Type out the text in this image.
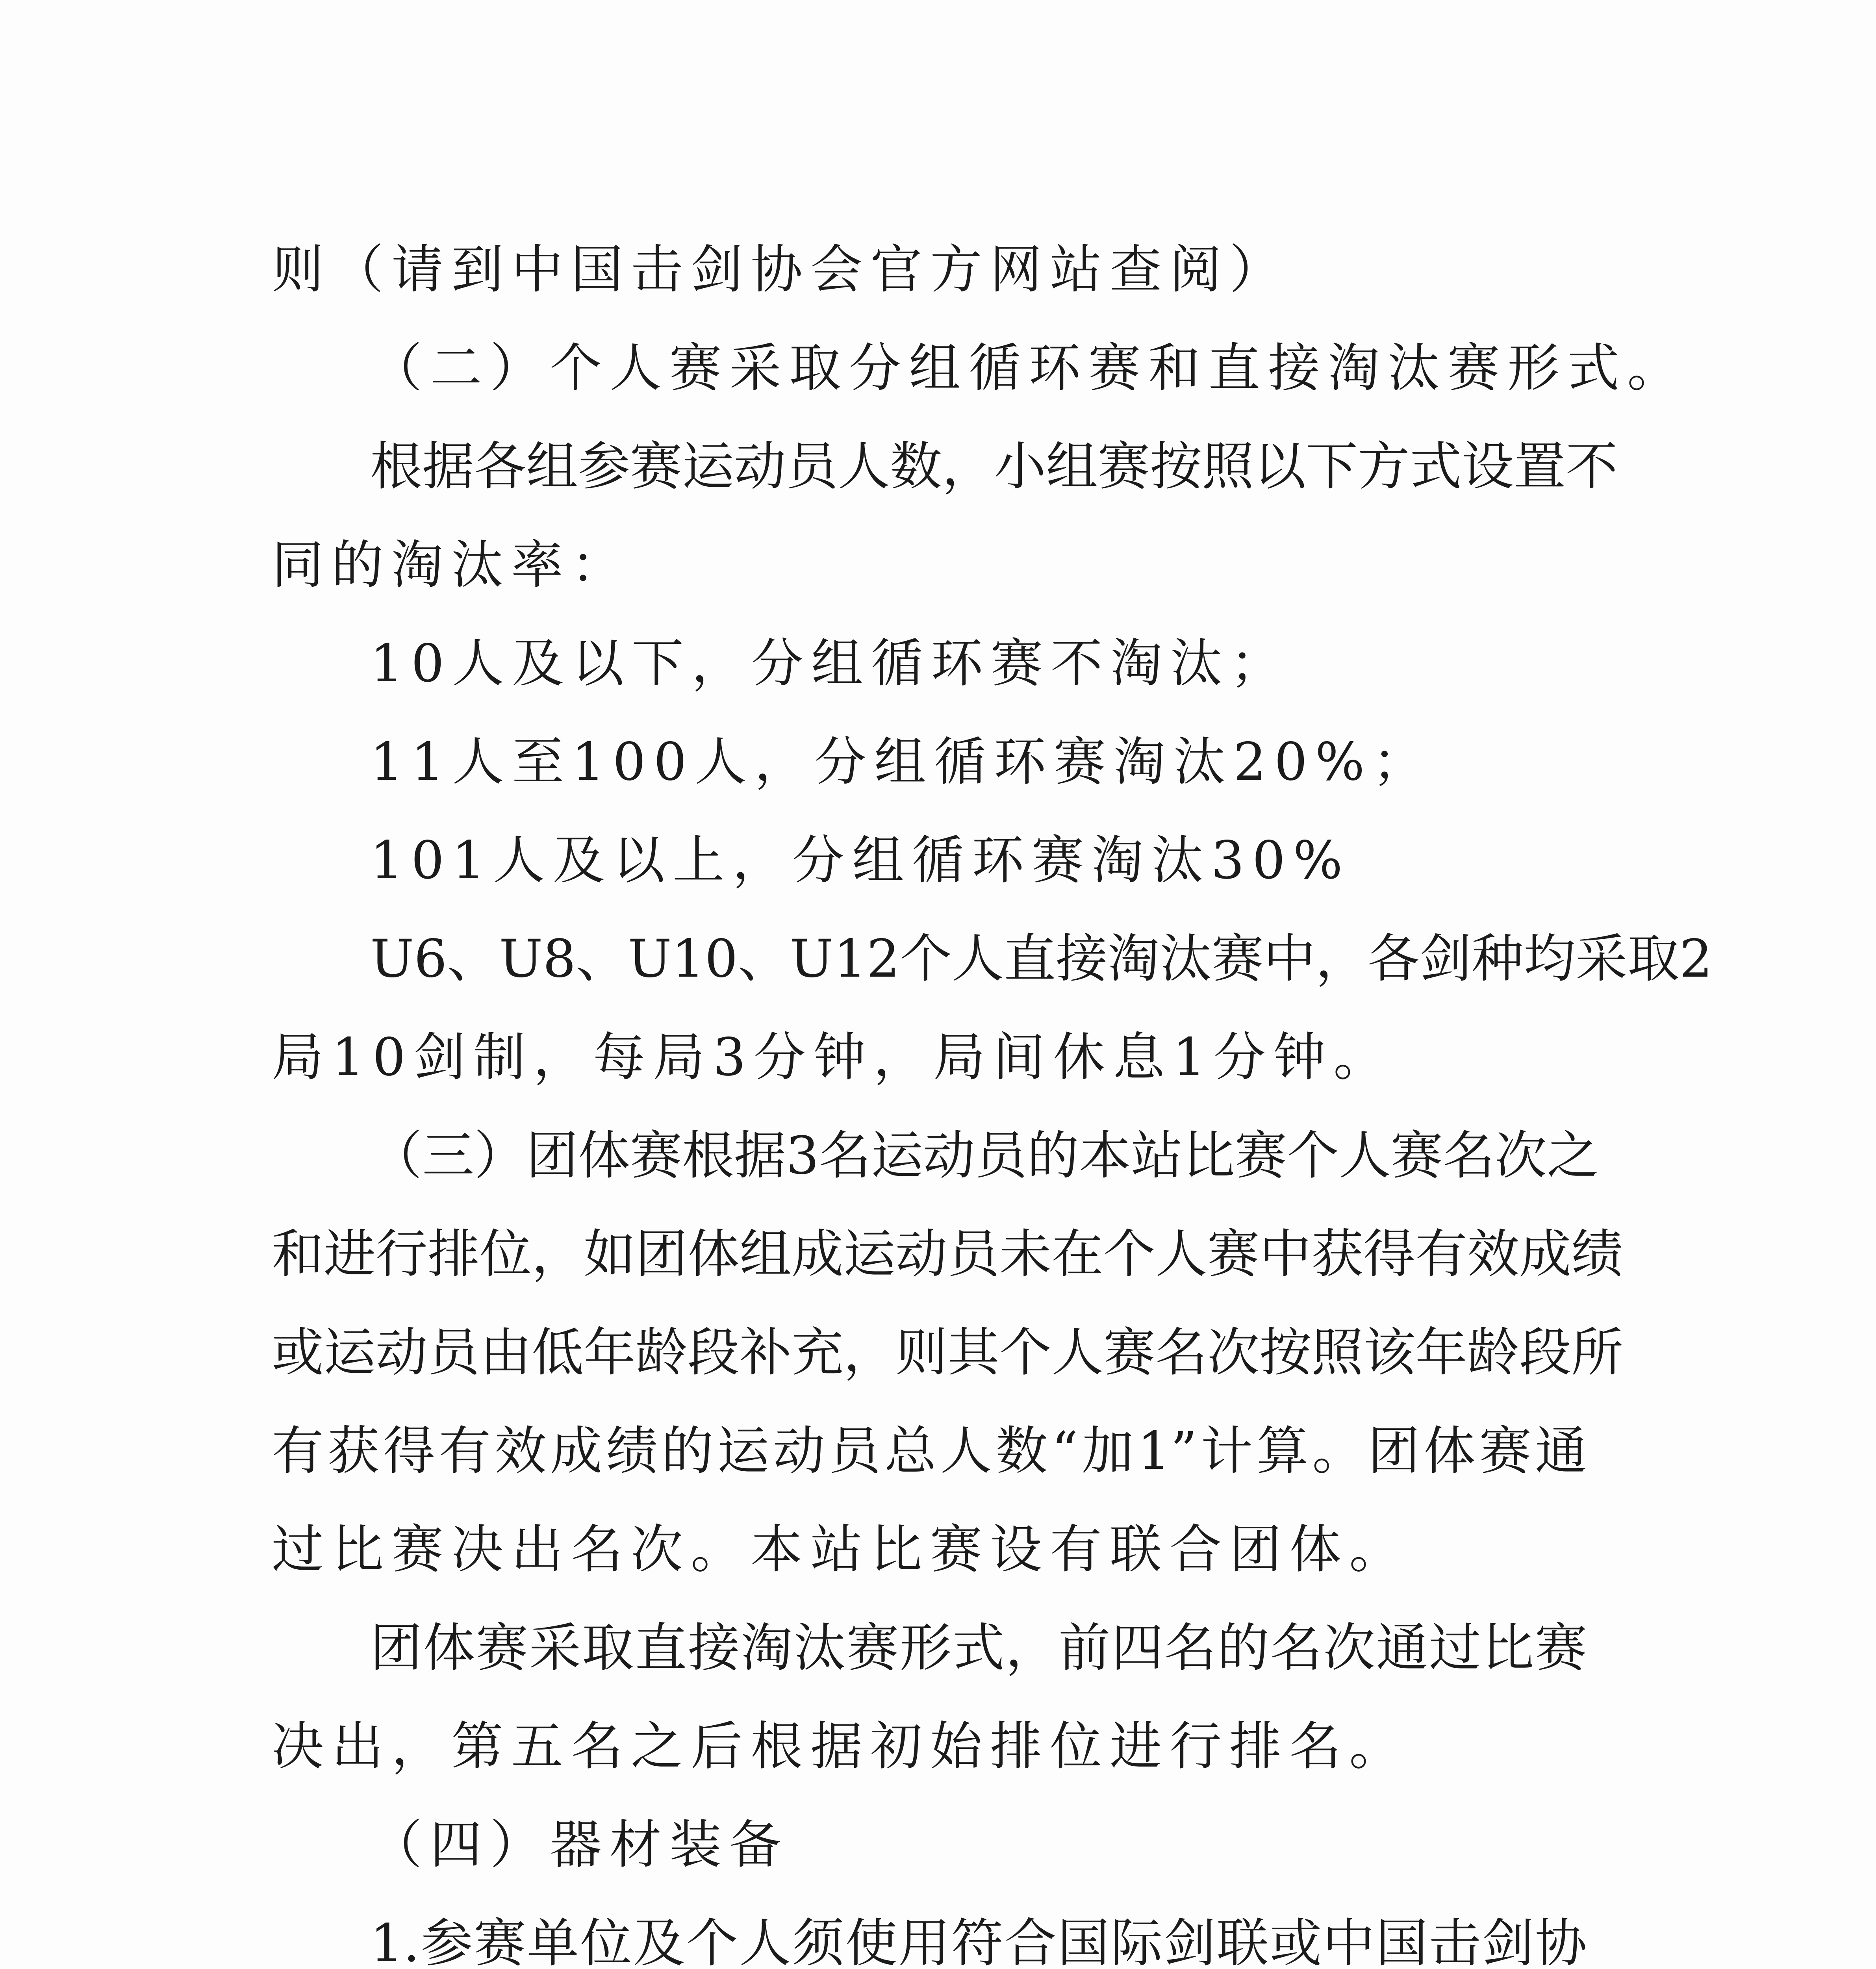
则（请到中国击剑协会官方网站查阅）
（二）个人赛采取分组循环赛和直接淘汰赛形式。
根据各组参赛运动员人数，小组赛按照以下方式设置不
同的淘汰率：
10人及以下，分组循环赛不淘汰；
11人至100人，分组循环赛淘汰20%；
101人及以上，分组循环赛淘汰30%
U6、U8、U10、U12个人直接淘汰赛中，各剑种均采取2
局10剑制，每局3分钟，局间休息1分钟。
（三）团体赛根据3名运动员的本站比赛个人赛名次之
和进行排位，如团体组成运动员未在个人赛中获得有效成绩
或运动员由低年龄段补充，则其个人赛名次按照该年龄段所
有获得有效成绩的运动员总人数“加1”计算。团体赛通
过比赛决出名次。本站比赛设有联合团体。
团体赛采取直接淘汰赛形式，前四名的名次通过比赛
决出，第五名之后根据初始排位进行排名。
（四）器材装备
1.参赛单位及个人须使用符合国际剑联或中国击剑协
